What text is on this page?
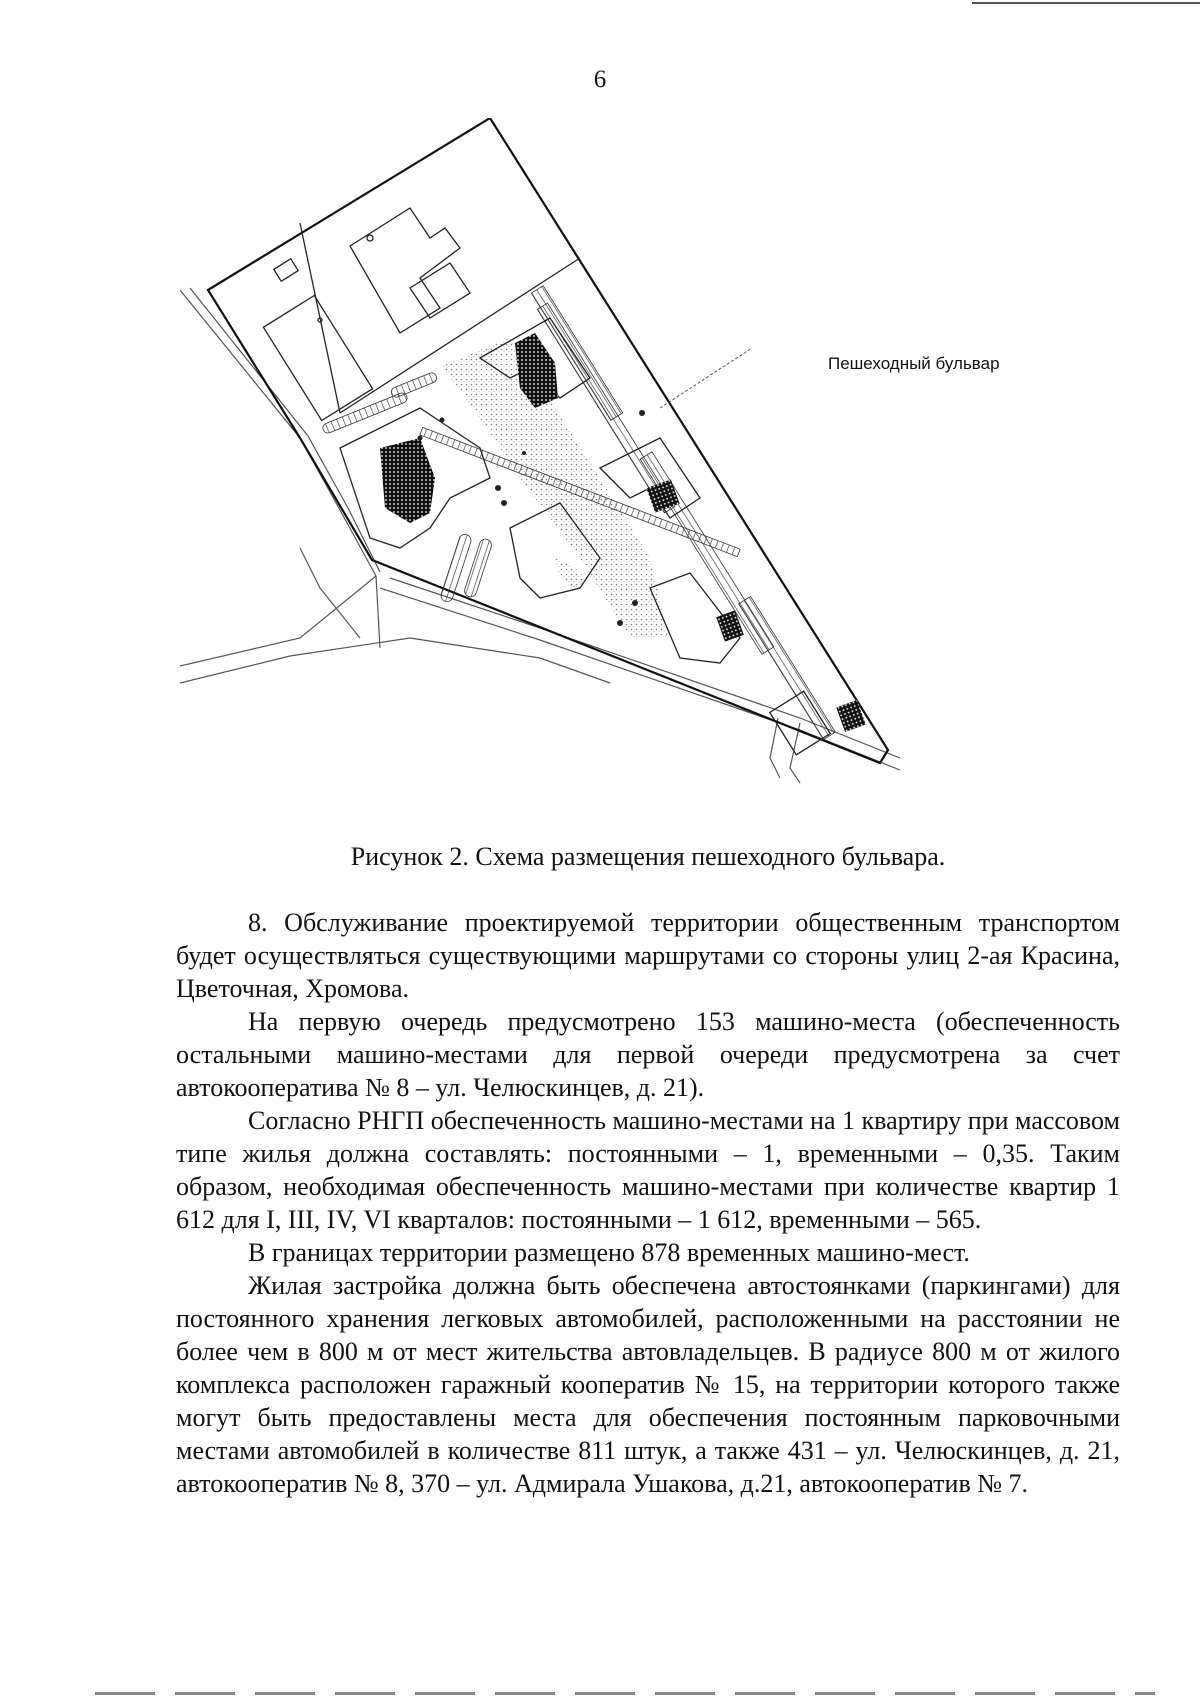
6
Пешеходный бульвар
Рисунок 2. Схема размещения пешеходного бульвара.

8. Обслуживание проектируемой территории общественным транспортом будет осуществляться существующими маршрутами со стороны улиц 2-ая Красина, Цветочная, Хромова.

На первую очередь предусмотрено 153 машино-места (обеспеченность остальными машино-местами для первой очереди предусмотрена за счет автокооператива № 8 – ул. Челюскинцев, д. 21).

Согласно РНГП обеспеченность машино-местами на 1 квартиру при массовом типе жилья должна составлять: постоянными – 1, временными – 0,35. Таким образом, необходимая обеспеченность машино-местами при количестве квартир 1 612 для I, III, IV, VI кварталов: постоянными – 1 612, временными – 565.

В границах территории размещено 878 временных машино-мест.

Жилая застройка должна быть обеспечена автостоянками (паркингами) для постоянного хранения легковых автомобилей, расположенными на расстоянии не более чем в 800 м от мест жительства автовладельцев. В радиусе 800 м от жилого комплекса расположен гаражный кооператив № 15, на территории которого также могут быть предоставлены места для обеспечения постоянным парковочными местами автомобилей в количестве 811 штук, а также 431 – ул. Челюскинцев, д. 21, автокооператив № 8, 370 – ул. Адмирала Ушакова, д.21, автокооператив № 7.
